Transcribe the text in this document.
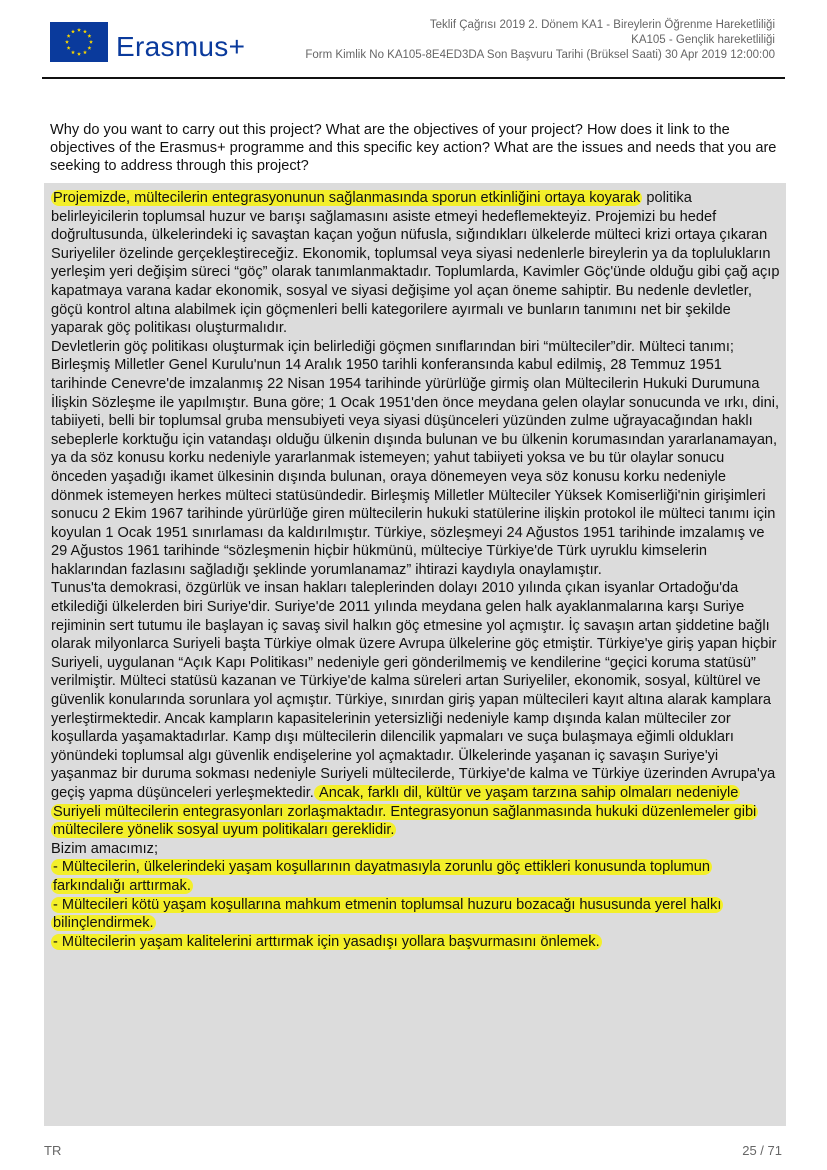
Erasmus+
Teklif Çağrısı 2019 2. Dönem KA1 - Bireylerin Öğrenme Hareketliliği
KA105 - Gençlik hareketliliği
Form Kimlik No KA105-8E4ED3DA Son Başvuru Tarihi (Brüksel Saati) 30 Apr 2019 12:00:00
Why do you want to carry out this project? What are the objectives of your project? How does it link to the objectives of the Erasmus+ programme and this specific key action? What are the issues and needs that you are seeking to address through this project?

Projemizde, mültecilerin entegrasyonunun sağlanmasında sporun etkinliğini ortaya koyarak politika belirleyicilerin toplumsal huzur ve barışı sağlamasını asiste etmeyi hedeflemekteyiz. Projemizi bu hedef doğrultusunda, ülkelerindeki iç savaştan kaçan yoğun nüfusla, sığındıkları ülkelerde mülteci krizi ortaya çıkaran Suriyeliler özelinde gerçekleştireceğiz. Ekonomik, toplumsal veya siyasi nedenlerle bireylerin ya da toplulukların yerleşim yeri değişim süreci “göç” olarak tanımlanmaktadır. Toplumlarda, Kavimler Göç'ünde olduğu gibi çağ açıp kapatmaya varana kadar ekonomik, sosyal ve siyasi değişime yol açan öneme sahiptir. Bu nedenle devletler, göçü kontrol altına alabilmek için göçmenleri belli kategorilere ayırmalı ve bunların tanımını net bir şekilde yaparak göç politikası oluşturmalıdır.

Devletlerin göç politikası oluşturmak için belirlediği göçmen sınıflarından biri “mülteciler”dir. Mülteci tanımı; Birleşmiş Milletler Genel Kurulu'nun 14 Aralık 1950 tarihli konferansında kabul edilmiş, 28 Temmuz 1951 tarihinde Cenevre'de imzalanmış 22 Nisan 1954 tarihinde yürürlüğe girmiş olan Mültecilerin Hukuki Durumuna İlişkin Sözleşme ile yapılmıştır. Buna göre; 1 Ocak 1951'den önce meydana gelen olaylar sonucunda ve ırkı, dini, tabiiyeti, belli bir toplumsal gruba mensubiyeti veya siyasi düşünceleri yüzünden zulme uğrayacağından haklı sebeplerle korktuğu için vatandaşı olduğu ülkenin dışında bulunan ve bu ülkenin korumasından yararlanamayan, ya da söz konusu korku nedeniyle yararlanmak istemeyen; yahut tabiiyeti yoksa ve bu tür olaylar sonucu önceden yaşadığı ikamet ülkesinin dışında bulunan, oraya dönemeyen veya söz konusu korku nedeniyle dönmek istemeyen herkes mülteci statüsündedir. Birleşmiş Milletler Mülteciler Yüksek Komiserliği'nin girişimleri sonucu 2 Ekim 1967 tarihinde yürürlüğe giren mültecilerin hukuki statülerine ilişkin protokol ile mülteci tanımı için koyulan 1 Ocak 1951 sınırlaması da kaldırılmıştır. Türkiye, sözleşmeyi 24 Ağustos 1951 tarihinde imzalamış ve 29 Ağustos 1961 tarihinde “sözleşmenin hiçbir hükmünü, mülteciye Türkiye'de Türk uyruklu kimselerin haklarından fazlasını sağladığı şeklinde yorumlanamaz” ihtirazi kaydıyla onaylamıştır.

Tunus'ta demokrasi, özgürlük ve insan hakları taleplerinden dolayı 2010 yılında çıkan isyanlar Ortadoğu'da etkilediği ülkelerden biri Suriye'dir. Suriye'de 2011 yılında meydana gelen halk ayaklanmalarına karşı Suriye rejiminin sert tutumu ile başlayan iç savaş sivil halkın göç etmesine yol açmıştır. İç savaşın artan şiddetine bağlı olarak milyonlarca Suriyeli başta Türkiye olmak üzere Avrupa ülkelerine göç etmiştir. Türkiye'ye giriş yapan hiçbir Suriyeli, uygulanan “Açık Kapı Politikası” nedeniyle geri gönderilmemiş ve kendilerine “geçici koruma statüsü” verilmiştir. Mülteci statüsü kazanan ve Türkiye'de kalma süreleri artan Suriyeliler, ekonomik, sosyal, kültürel ve güvenlik konularında sorunlara yol açmıştır. Türkiye, sınırdan giriş yapan mültecileri kayıt altına alarak kamplara yerleştirmektedir. Ancak kampların kapasitelerinin yetersizliği nedeniyle kamp dışında kalan mülteciler zor koşullarda yaşamaktadırlar. Kamp dışı mültecilerin dilencilik yapmaları ve suça bulaşmaya eğimli oldukları yönündeki toplumsal algı güvenlik endişelerine yol açmaktadır. Ülkelerinde yaşanan iç savaşın Suriye'yi yaşanmaz bir duruma sokması nedeniyle Suriyeli mültecilerde, Türkiye'de kalma ve Türkiye üzerinden Avrupa'ya geçiş yapma düşünceleri yerleşmektedir. Ancak, farklı dil, kültür ve yaşam tarzına sahip olmaları nedeniyle Suriyeli mültecilerin entegrasyonları zorlaşmaktadır. Entegrasyonun sağlanmasında hukuki düzenlemeler gibi mültecilere yönelik sosyal uyum politikaları gereklidir.

Bizim amacımız;

- Mültecilerin, ülkelerindeki yaşam koşullarının dayatmasıyla zorunlu göç ettikleri konusunda toplumun farkındalığı arttırmak.

- Mültecileri kötü yaşam koşullarına mahkum etmenin toplumsal huzuru bozacağı hususunda yerel halkı bilinçlendirmek.

- Mültecilerin yaşam kalitelerini arttırmak için yasadışı yollara başvurmasını önlemek.

TR	25 / 71
